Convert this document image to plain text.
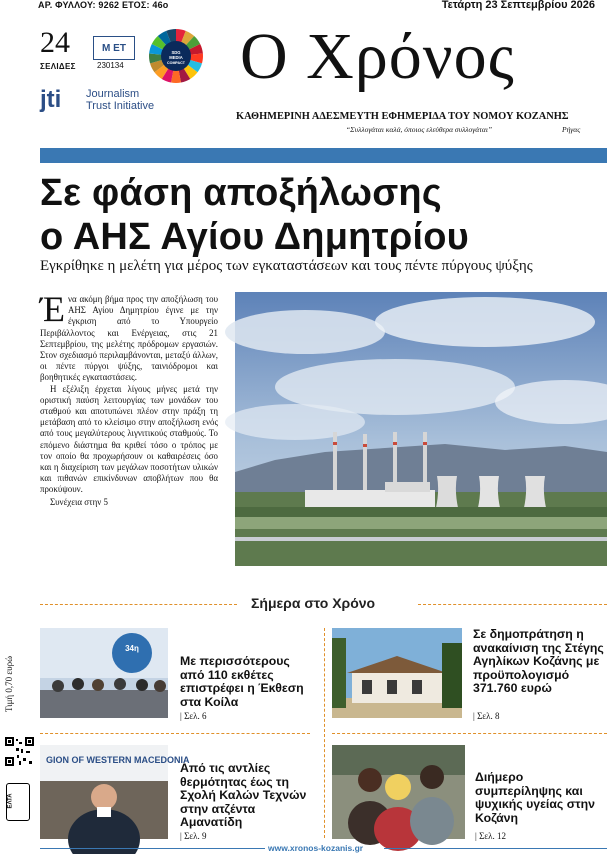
ΑΡ. ΦΥΛΛΟΥ: 9262 ΕΤΟΣ: 46ο	Τετάρτη 23 Σεπτεμβρίου 2026
24
ΣΕΛΙΔΕΣ
M ET
230134
SDG
MEDIA
COMPACT
jti Journalism
Trust Initiative
Ο Χρόνος
ΚΑΘΗΜΕΡΙΝΗ ΑΔΕΣΜΕΥΤΗ ΕΦΗΜΕΡΙΔΑ ΤΟΥ ΝΟΜΟΥ ΚΟΖΑΝΗΣ
“Συλλογάται καλά, όποιος ελεύθερα συλλογάται”	Ρήγας
Σε φάση αποξήλωσης
ο ΑΗΣ Αγίου Δημητρίου
Εγκρίθηκε η μελέτη για μέρος των εγκαταστάσεων και τους πέντε πύργους ψύξης

Ένα ακόμη βήμα προς την αποξήλωση του ΑΗΣ Αγίου Δημητρίου έγινε με την έγκριση από το Υπουργείο Περιβάλλοντος και Ενέργειας, στις 21 Σεπτεμβρίου, της μελέτης πρόδρομων εργασιών. Στον σχεδιασμό περιλαμβάνονται, μεταξύ άλλων, οι πέντε πύργοι ψύξης, ταινιόδρομοι και βοηθητικές εγκαταστάσεις.

Η εξέλιξη έρχεται λίγους μήνες μετά την οριστική παύση λειτουργίας των μονάδων του σταθμού και αποτυπώνει πλέον στην πράξη τη μετάβαση από το κλείσιμο στην αποξήλωση ενός από τους μεγαλύτερους λιγνιτικούς σταθμούς. Το επόμενο διάστημα θα κριθεί τόσο ο τρόπος με τον οποίο θα προχωρήσουν οι καθαιρέσεις όσο και η διαχείριση των μεγάλων ποσοτήτων υλικών και πιθανών επικίνδυνων αποβλήτων που θα προκύψουν.

Συνέχεια στην 5

Σήμερα στο Χρόνο
Τιμή 0,70 ευρώ
ΕΛΤΑ
34η
Με περισσότερους από 110 εκθέτες επιστρέφει η Έκθεση στα Κοίλα
| Σελ. 6
Σε δημοπράτηση η ανακαίνιση της Στέγης Αγηλίκων Κοζάνης με προϋπολογισμό 371.760 ευρώ
| Σελ. 8
GION OF WESTERN MACEDONIA
Από τις αντλίες θερμότητας έως τη Σχολή Καλών Τεχνών στην ατζέντα Αμανατίδη
| Σελ. 9
Διήμερο συμπερίληψης και ψυχικής υγείας στην Κοζάνη
| Σελ. 12
www.xronos-kozanis.gr
